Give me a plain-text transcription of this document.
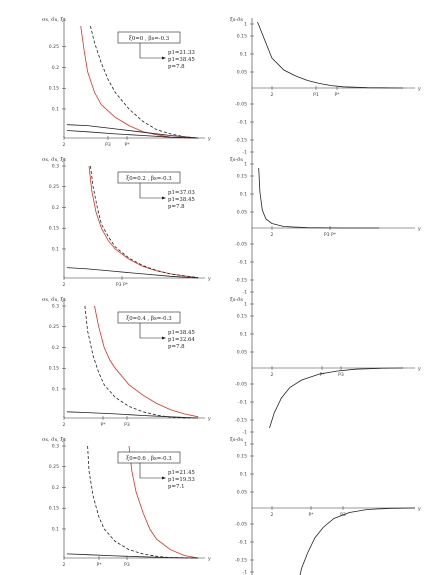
σs, σ̃s, ξ̃s
y
0.1
0.15
0.2
0.25
2	P3	P*
ξ0=0 , βs=-0.3
p1=21.33
p1=38.45
p=7.8
ξ̃s-σ̃s
y
1
0.15
0.1
0.05
-0.05
-0.1
-0.15
-1
2	P1	P*
σs, σ̃s, ξ̃s
y
0.1
0.15
0.2
0.25
0.3
2	P3 P*
ξ0=0.2 , βs=-0.3
p1=37.03
p1=38.45
p=7.8
ξ̃s-σ̃s
y
1
0.15
0.1
0.05
-0.05
-0.1
-0.15
-1
2	P3 P*
σs, σ̃s, ξ̃s
y
0.1
0.15
0.2
0.25
0.3
2	P*	P3
ξ0=0.4 , βs=-0.3
p1=38.45
p1=32.64
p=7.8
ξ̃s-σ̃s
y
1
0.15
0.1
0.05
-0.05
-0.1
-0.15
-1
2	P*	P3
σs, σ̃s, ξ̃s
y
0.1
0.15
0.2
0.25
0.3
2	P*	P3
ξ0=0.6 , βs=-0.3
p1=21.45
p1=19.53
p=7.1
ξ̃s-σ̃s
y
1
0.15
0.1
0.05
-0.05
-0.1
-0.15
-1
2	P*	P3
